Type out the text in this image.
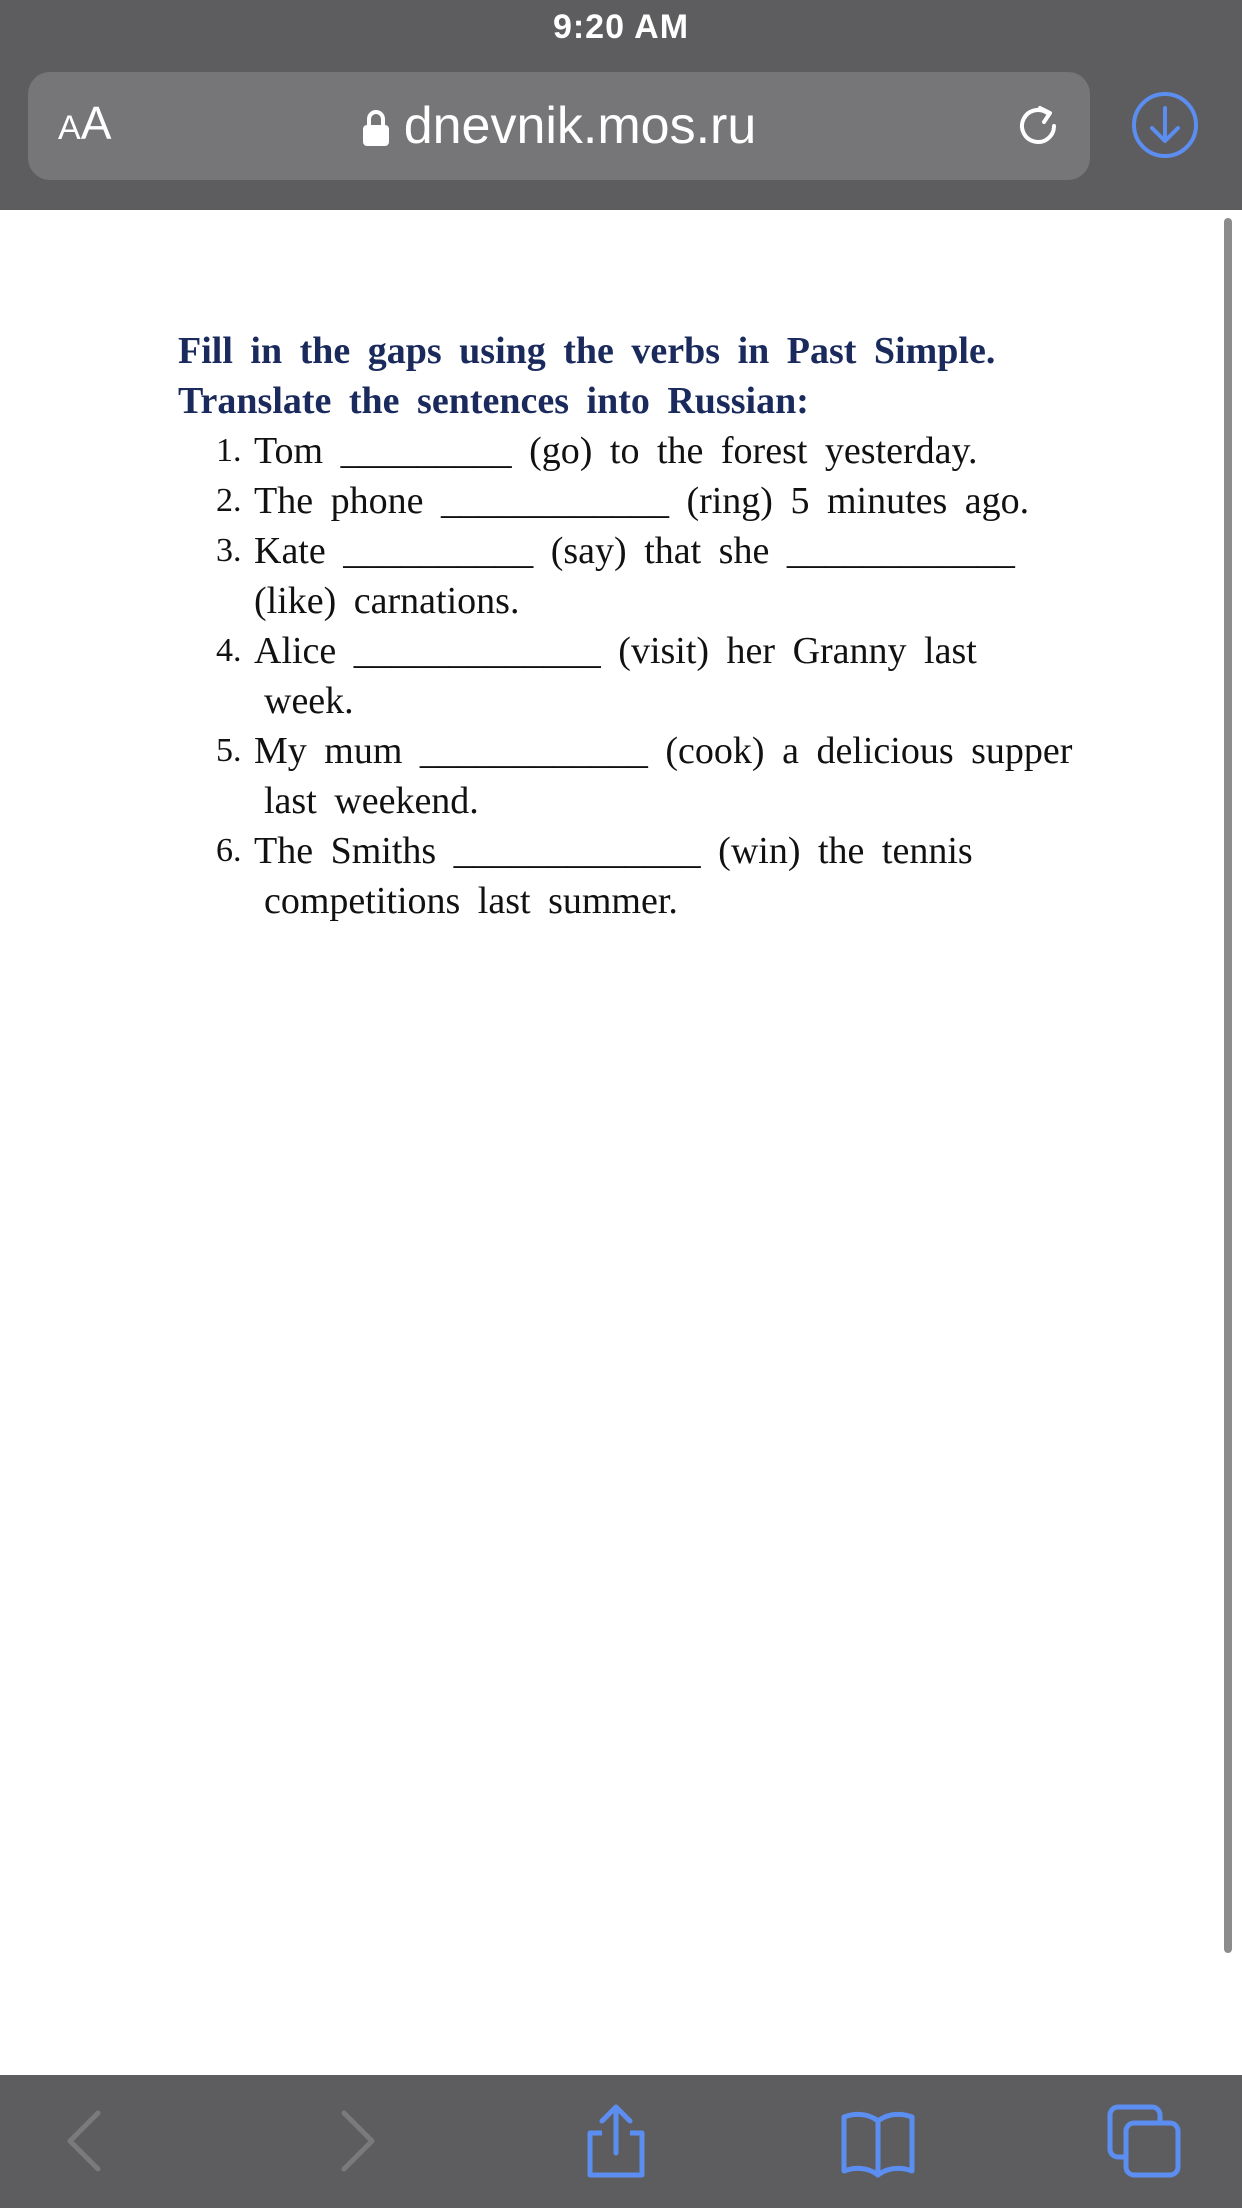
9:20 AM
AA	dnevnik.mos.ru

Fill in the gaps using the verbs in Past Simple.
Translate the sentences into Russian:

1. Tom _________ (go) to the forest yesterday.
2. The phone ____________ (ring) 5 minutes ago.
3. Kate __________ (say) that she ____________
(like) carnations.
4. Alice _____________ (visit) her Granny last
week.
5. My mum ____________ (cook) a delicious supper
last weekend.
6. The Smiths _____________ (win) the tennis
competitions last summer.
